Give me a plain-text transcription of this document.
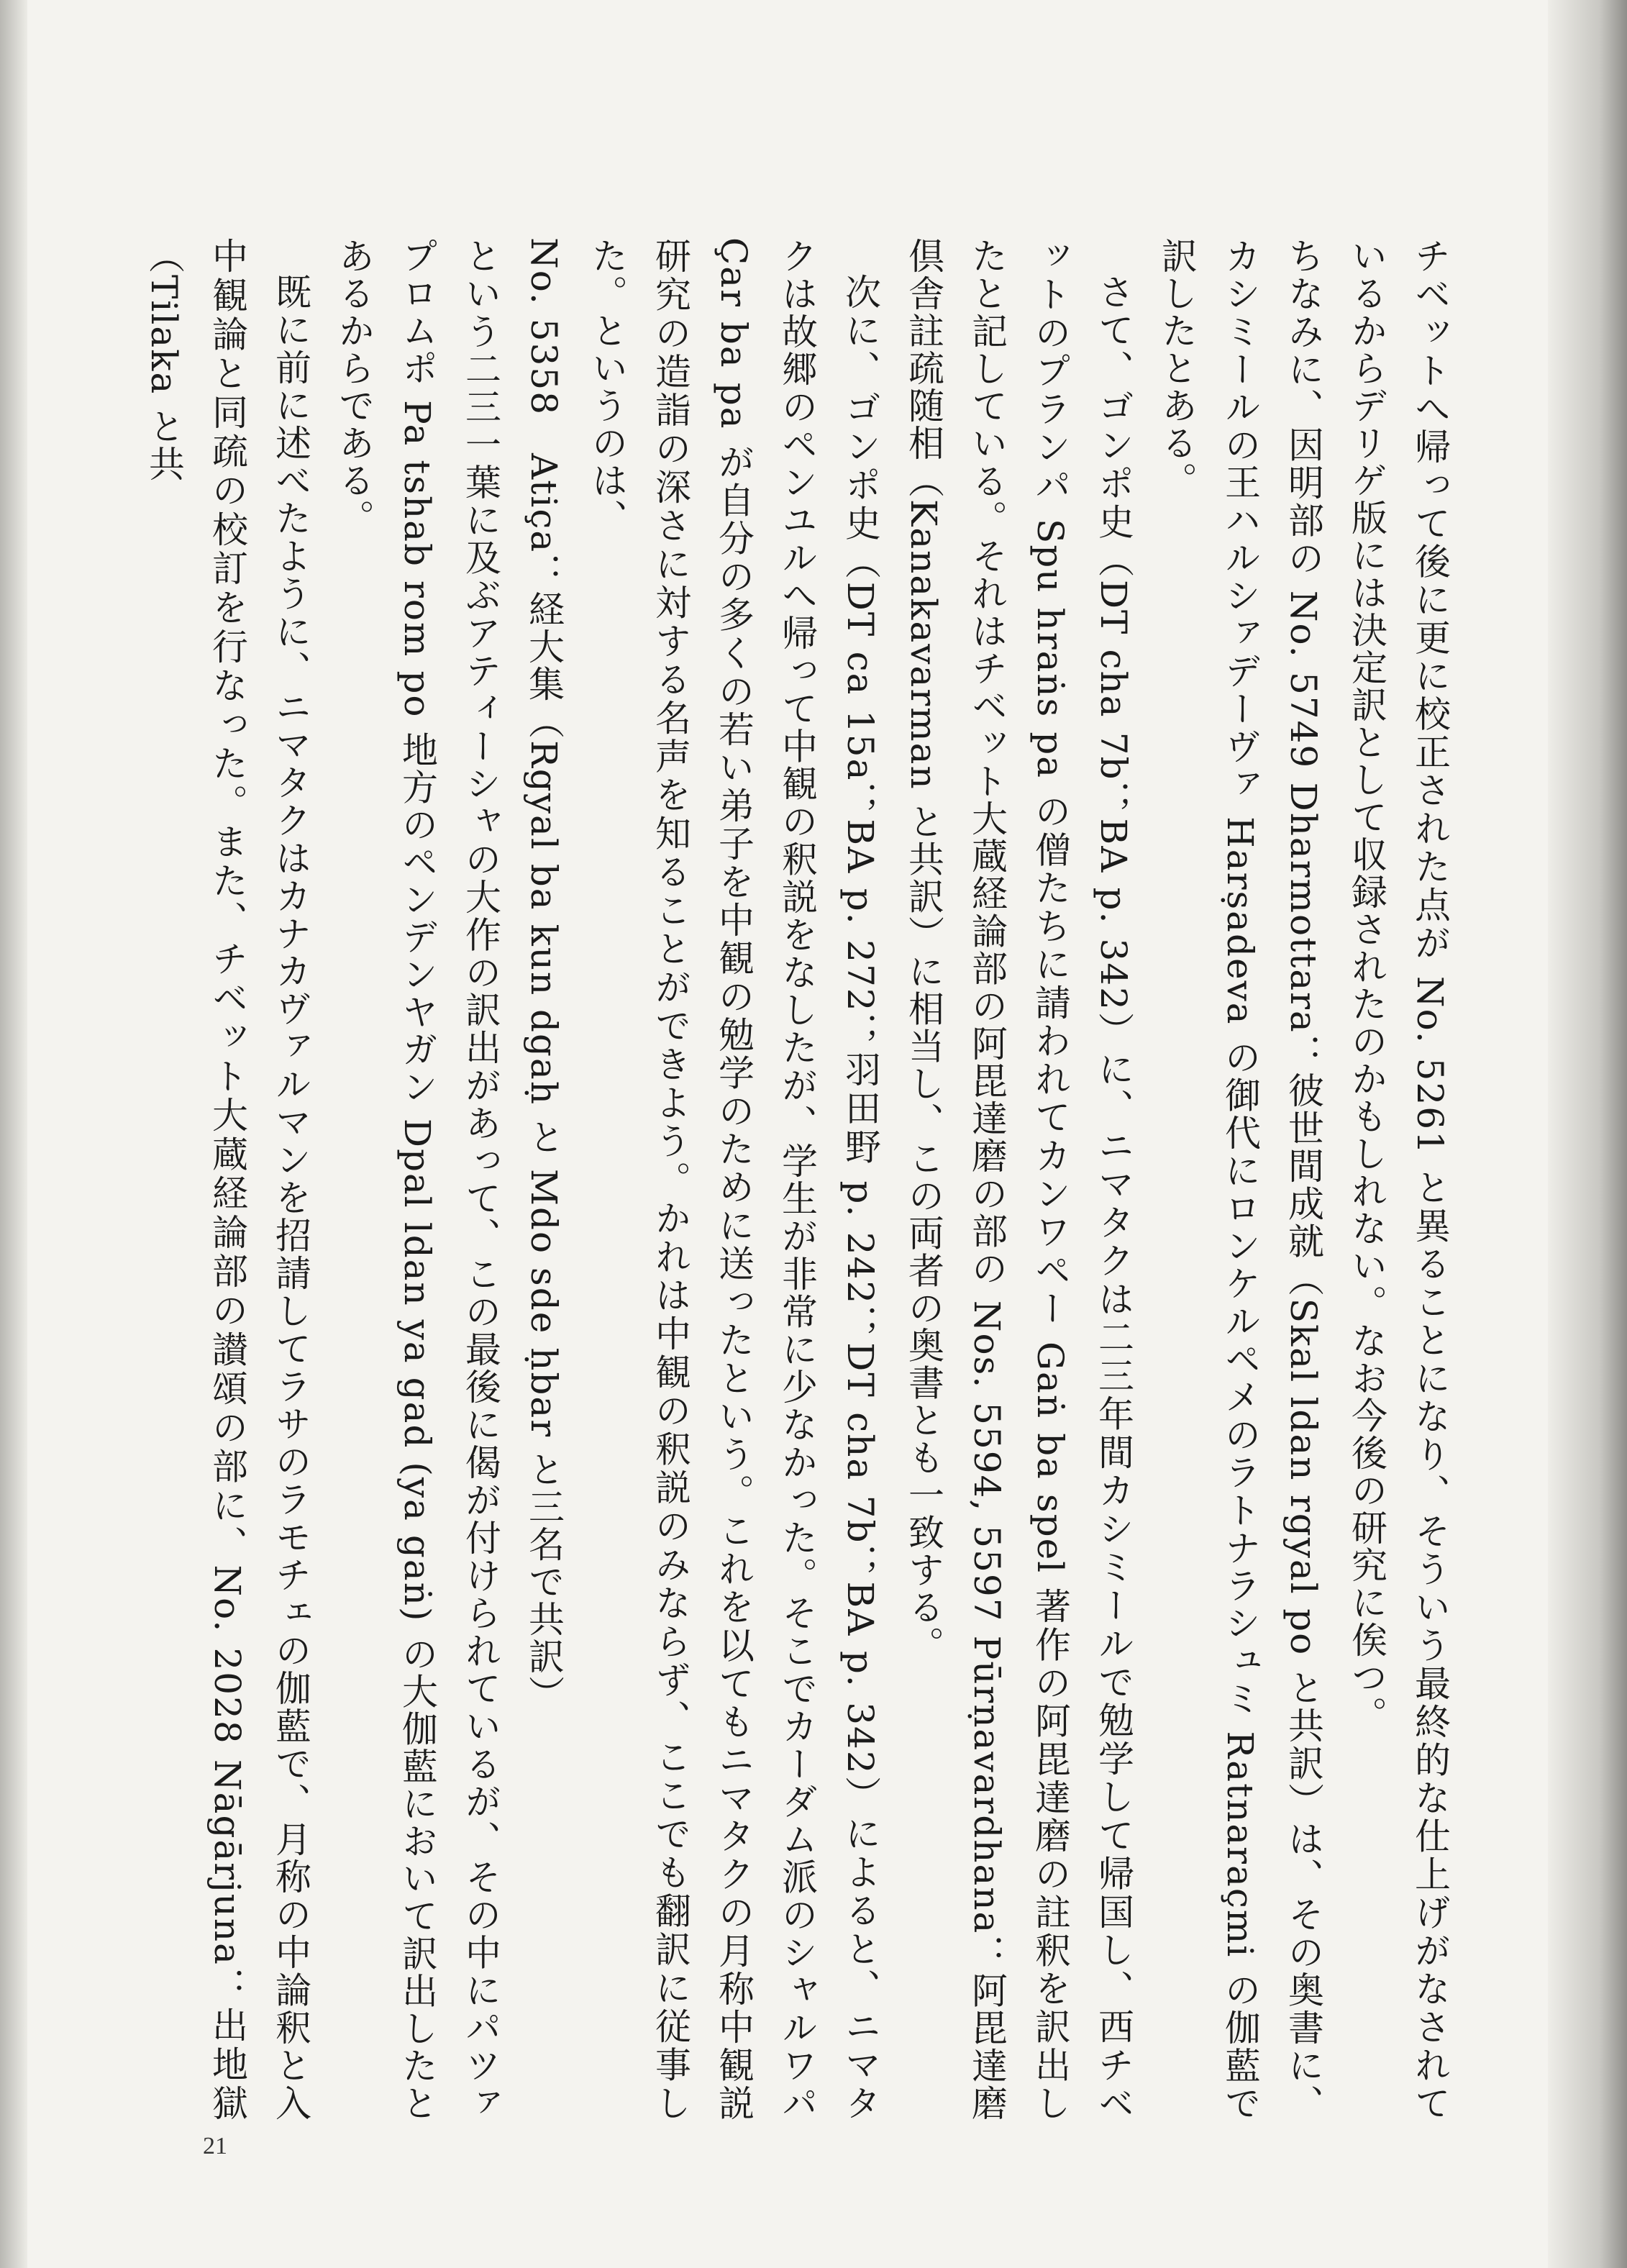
チベットへ帰って後に更に校正された点が No. 5261 と異ることになり、そういう最終的な仕上げがなされているからデリゲ版には決定訳として収録されたのかもしれない。なお今後の研究に俟つ。

ちなみに、因明部の No. 5749 Dharmottara：彼世間成就（Skal ldan rgyal po と共訳）は、その奥書に、カシミールの王ハルシァデーヴァ Harṣadeva の御代にロンケルペメのラトナラシュミ Ratnaraçmi の伽藍で訳したとある。

さて、ゴンポ史（DT cha 7b；BA p. 342）に、ニマタクは二三年間カシミールで勉学して帰国し、西チベットのプランパ Spu hraṅs pa の僧たちに請われてカンワペー Gaṅ ba spel 著作の阿毘達磨の註釈を訳出したと記している。それはチベット大蔵経論部の阿毘達磨の部の Nos. 5594, 5597 Pūrṇavardhana：阿毘達磨倶舎註疏随相（Kanakavarman と共訳）に相当し、この両者の奥書とも一致する。

次に、ゴンポ史（DT ca 15a；BA p. 272；羽田野 p. 242；DT cha 7b；BA p. 342）によると、ニマタクは故郷のペンユルへ帰って中観の釈説をなしたが、学生が非常に少なかった。そこでカーダム派のシャルワパ Çar ba pa が自分の多くの若い弟子を中観の勉学のために送ったという。これを以てもニマタクの月称中観説研究の造詣の深さに対する名声を知ることができよう。かれは中観の釈説のみならず、ここでも翻訳に従事した。というのは、

No. 5358　Atiça：経大集（Rgyal ba kun dgaḥ と Mdo sde ḥbar と三名で共訳）

という二三一葉に及ぶアティーシャの大作の訳出があって、この最後に偈が付けられているが、その中にパツァプロムポ Pa tshab rom po 地方のペンデンヤガン Dpal ldan ya gad (ya gaṅ) の大伽藍において訳出したとあるからである。

既に前に述べたように、ニマタクはカナカヴァルマンを招請してラサのラモチェの伽藍で、月称の中論釈と入中観論と同疏の校訂を行なった。また、チベット大蔵経論部の讃頌の部に、No. 2028 Nāgārjuna：出地獄（Tilaka と共

21
